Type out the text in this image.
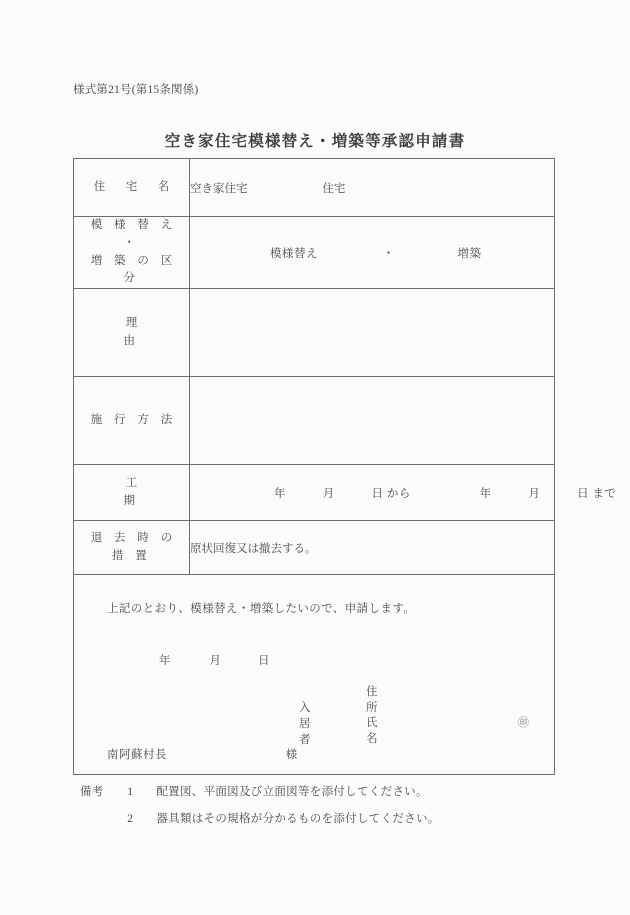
様式第21号(第15条関係)
空き家住宅模様替え・増築等承認申請書
住　宅　名	空き家住宅 住宅

模 様 替 え ・
増 築 の 区 分	模様替え ・ 増築

理　　　　由	

施 行 方 法	

工　　　　期	年 月 日 から 年 月 日 まで

退 去 時 の 措 置	原状回復又は撤去する。

上記のとおり、模様替え・増築したいので、申請します。
年	月	日
住所
入居者
氏名
㊞
南阿蘇村長	様
備考 1 配置図、平面図及び立面図等を添付してください。
2 器具類はその規格が分かるものを添付してください。
